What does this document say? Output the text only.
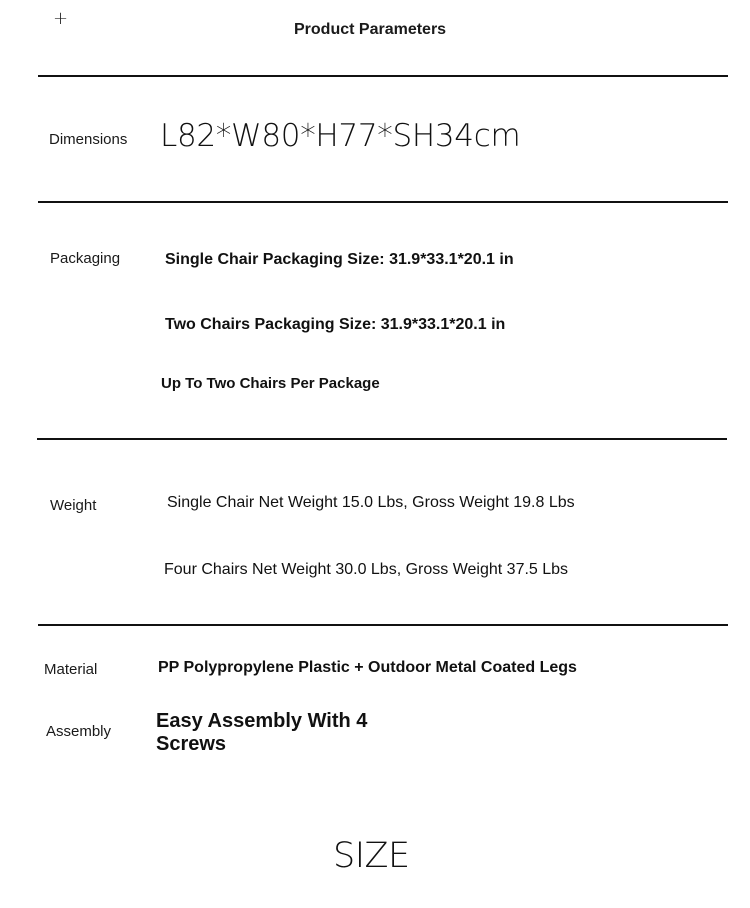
+
Product Parameters
Dimensions L82*W80*H77*SH34cm
Packaging	Single Chair Packaging Size: 31.9*33.1*20.1 in
Two Chairs Packaging Size: 31.9*33.1*20.1 in
Up To Two Chairs Per Package
Weight	Single Chair Net Weight 15.0 Lbs, Gross Weight 19.8 Lbs
Four Chairs Net Weight 30.0 Lbs, Gross Weight 37.5 Lbs
Material	PP Polypropylene Plastic + Outdoor Metal Coated Legs
Assembly Easy Assembly With 4 Screws
SIZE
